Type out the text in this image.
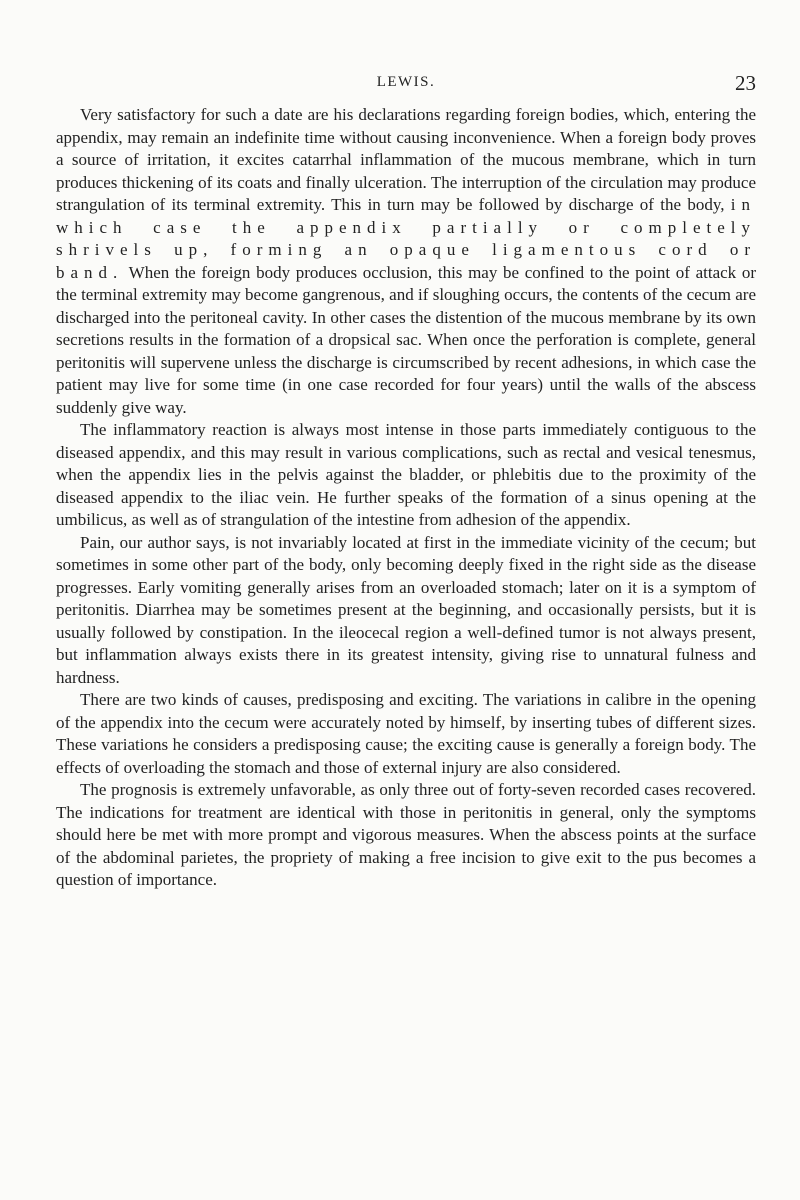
LEWIS.	23

Very satisfactory for such a date are his declarations regarding foreign bodies, which, entering the appendix, may remain an indefinite time without causing inconvenience. When a foreign body proves a source of irritation, it excites catarrhal inflammation of the mucous membrane, which in turn produces thickening of its coats and finally ulceration. The interruption of the circulation may produce strangulation of its terminal extremity. This in turn may be followed by discharge of the body, in which case the appendix partially or completely shrivels up, forming an opaque ligamentous cord or band. When the foreign body produces occlusion, this may be confined to the point of attack or the terminal extremity may become gangrenous, and if sloughing occurs, the contents of the cecum are discharged into the peritoneal cavity. In other cases the distention of the mucous membrane by its own secretions results in the formation of a dropsical sac. When once the perforation is complete, general peritonitis will supervene unless the discharge is circumscribed by recent adhesions, in which case the patient may live for some time (in one case recorded for four years) until the walls of the abscess suddenly give way.

The inflammatory reaction is always most intense in those parts immediately contiguous to the diseased appendix, and this may result in various complications, such as rectal and vesical tenesmus, when the appendix lies in the pelvis against the bladder, or phlebitis due to the proximity of the diseased appendix to the iliac vein. He further speaks of the formation of a sinus opening at the umbilicus, as well as of strangulation of the intestine from adhesion of the appendix.

Pain, our author says, is not invariably located at first in the immediate vicinity of the cecum; but sometimes in some other part of the body, only becoming deeply fixed in the right side as the disease progresses. Early vomiting generally arises from an overloaded stomach; later on it is a symptom of peritonitis. Diarrhea may be sometimes present at the beginning, and occasionally persists, but it is usually followed by constipation. In the ileocecal region a well-defined tumor is not always present, but inflammation always exists there in its greatest intensity, giving rise to unnatural fulness and hardness.

There are two kinds of causes, predisposing and exciting. The variations in calibre in the opening of the appendix into the cecum were accurately noted by himself, by inserting tubes of different sizes. These variations he considers a predisposing cause; the exciting cause is generally a foreign body. The effects of overloading the stomach and those of external injury are also considered.

The prognosis is extremely unfavorable, as only three out of forty-seven recorded cases recovered. The indications for treatment are identical with those in peritonitis in general, only the symptoms should here be met with more prompt and vigorous measures. When the abscess points at the surface of the abdominal parietes, the propriety of making a free incision to give exit to the pus becomes a question of importance.
